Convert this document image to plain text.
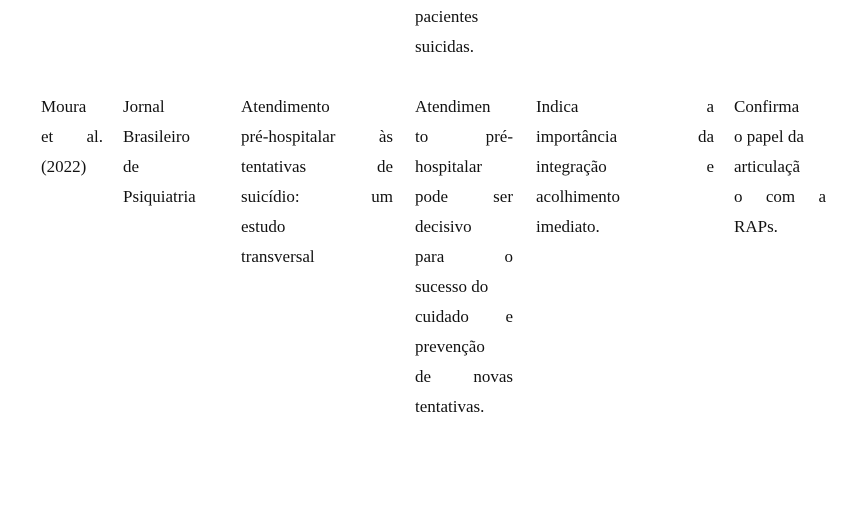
pacientes
suicidas.
Moura
et al.
(2022)
Jornal
Brasileiro
de
Psiquiatria
Atendimento
pré-hospitalar às
tentativas de
suicídio: um
estudo
transversal
Atendimen
to pré-
hospitalar
pode ser
decisivo
para o
sucesso do
cuidado e
prevenção
de novas
tentativas.
Indica a
importância da
integração e
acolhimento
imediato.
Confirma
o papel da
articulaçã
o com a
RAPs.
